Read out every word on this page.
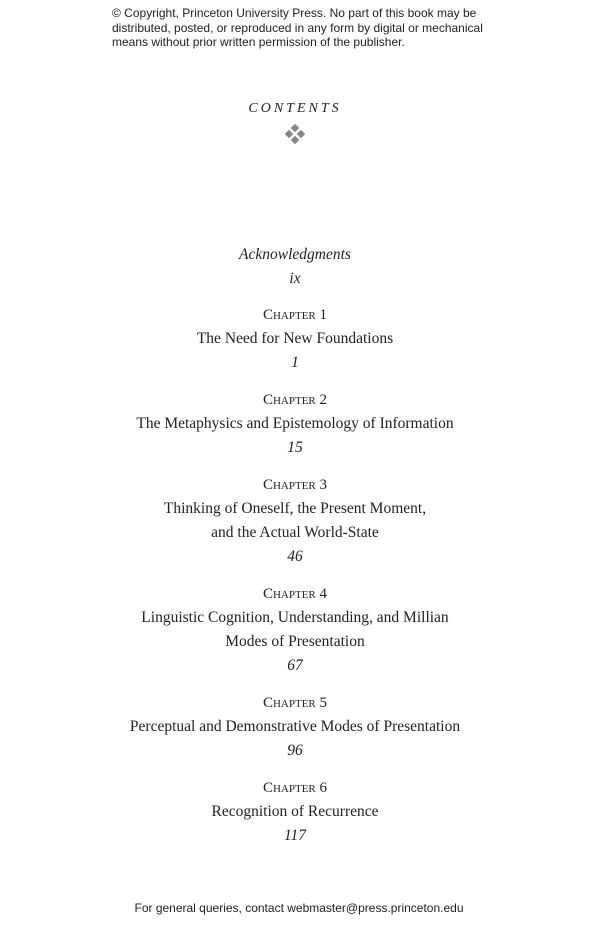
© Copyright, Princeton University Press. No part of this book may be
distributed, posted, or reproduced in any form by digital or mechanical
means without prior written permission of the publisher.
CONTENTS
Acknowledgments
ix
Chapter 1
The Need for New Foundations
1
Chapter 2
The Metaphysics and Epistemology of Information
15
Chapter 3
Thinking of Oneself, the Present Moment,
and the Actual World-State
46
Chapter 4
Linguistic Cognition, Understanding, and Millian
Modes of Presentation
67
Chapter 5
Perceptual and Demonstrative Modes of Presentation
96
Chapter 6
Recognition of Recurrence
117
For general queries, contact webmaster@press.princeton.edu
